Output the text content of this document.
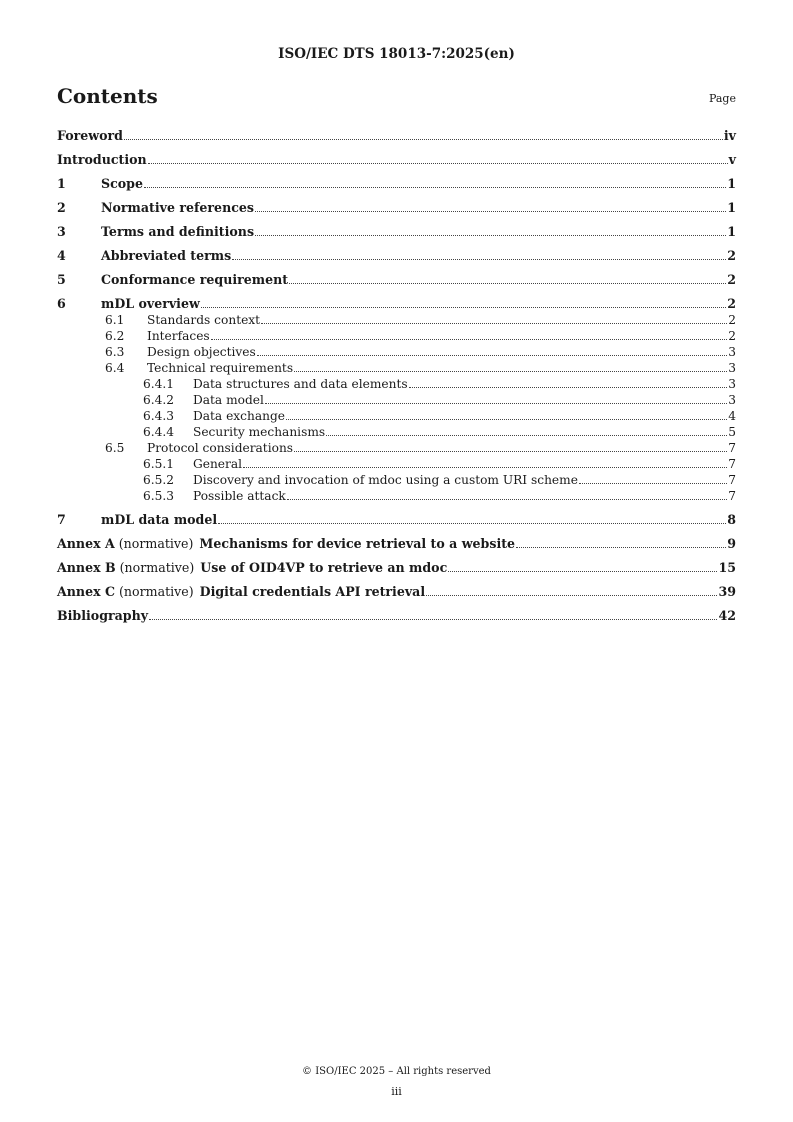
ISO/IEC DTS 18013-7:2025(en)
Contents	Page
Foreword	iv
Introduction	v
1	Scope	1
2	Normative references	1
3	Terms and definitions	1
4	Abbreviated terms	2
5	Conformance requirement	2
6	mDL overview	2
6.1	Standards context	2
6.2	Interfaces	2
6.3	Design objectives	3
6.4	Technical requirements	3
6.4.1	Data structures and data elements	3
6.4.2	Data model	3
6.4.3	Data exchange	4
6.4.4	Security mechanisms	5
6.5	Protocol considerations	7
6.5.1	General	7
6.5.2	Discovery and invocation of mdoc using a custom URI scheme	7
6.5.3	Possible attack	7
7	mDL data model	8
Annex A (normative) Mechanisms for device retrieval to a website	9
Annex B (normative) Use of OID4VP to retrieve an mdoc	15
Annex C (normative) Digital credentials API retrieval	39
Bibliography	42
© ISO/IEC 2025 – All rights reserved
iii
